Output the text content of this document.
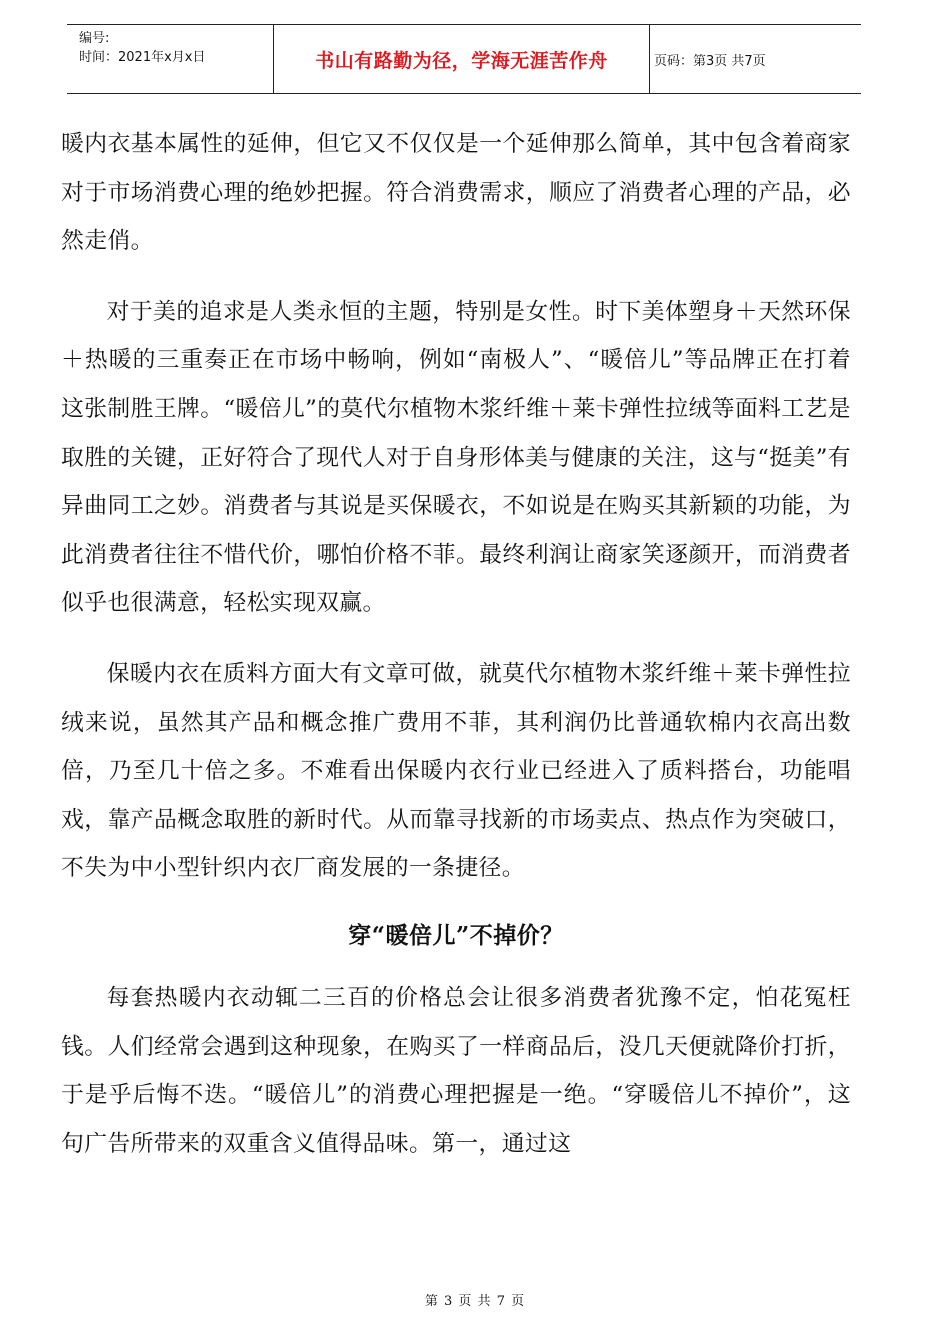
编号:
时间：2021年x月x日	书山有路勤为径，学海无涯苦作舟	页码：第3页 共7页

暖内衣基本属性的延伸，但它又不仅仅是一个延伸那么简单，其中包含着商家对于市场消费心理的绝妙把握。符合消费需求，顺应了消费者心理的产品，必然走俏。

对于美的追求是人类永恒的主题，特别是女性。时下美体塑身＋天然环保＋热暖的三重奏正在市场中畅响，例如“南极人”、“暖倍儿”等品牌正在打着这张制胜王牌。“暖倍儿”的莫代尔植物木浆纤维＋莱卡弹性拉绒等面料工艺是取胜的关键，正好符合了现代人对于自身形体美与健康的关注，这与“挺美”有异曲同工之妙。消费者与其说是买保暖衣，不如说是在购买其新颖的功能，为此消费者往往不惜代价，哪怕价格不菲。最终利润让商家笑逐颜开，而消费者似乎也很满意，轻松实现双赢。

保暖内衣在质料方面大有文章可做，就莫代尔植物木浆纤维＋莱卡弹性拉绒来说，虽然其产品和概念推广费用不菲，其利润仍比普通软棉内衣高出数倍，乃至几十倍之多。不难看出保暖内衣行业已经进入了质料搭台，功能唱戏，靠产品概念取胜的新时代。从而靠寻找新的市场卖点、热点作为突破口，不失为中小型针织内衣厂商发展的一条捷径。

穿“暖倍儿”不掉价？

每套热暖内衣动辄二三百的价格总会让很多消费者犹豫不定，怕花冤枉钱。人们经常会遇到这种现象，在购买了一样商品后，没几天便就降价打折，于是乎后悔不迭。“暖倍儿”的消费心理把握是一绝。“穿暖倍儿不掉价”，这句广告所带来的双重含义值得品味。第一，通过这

第 3 页 共 7 页
